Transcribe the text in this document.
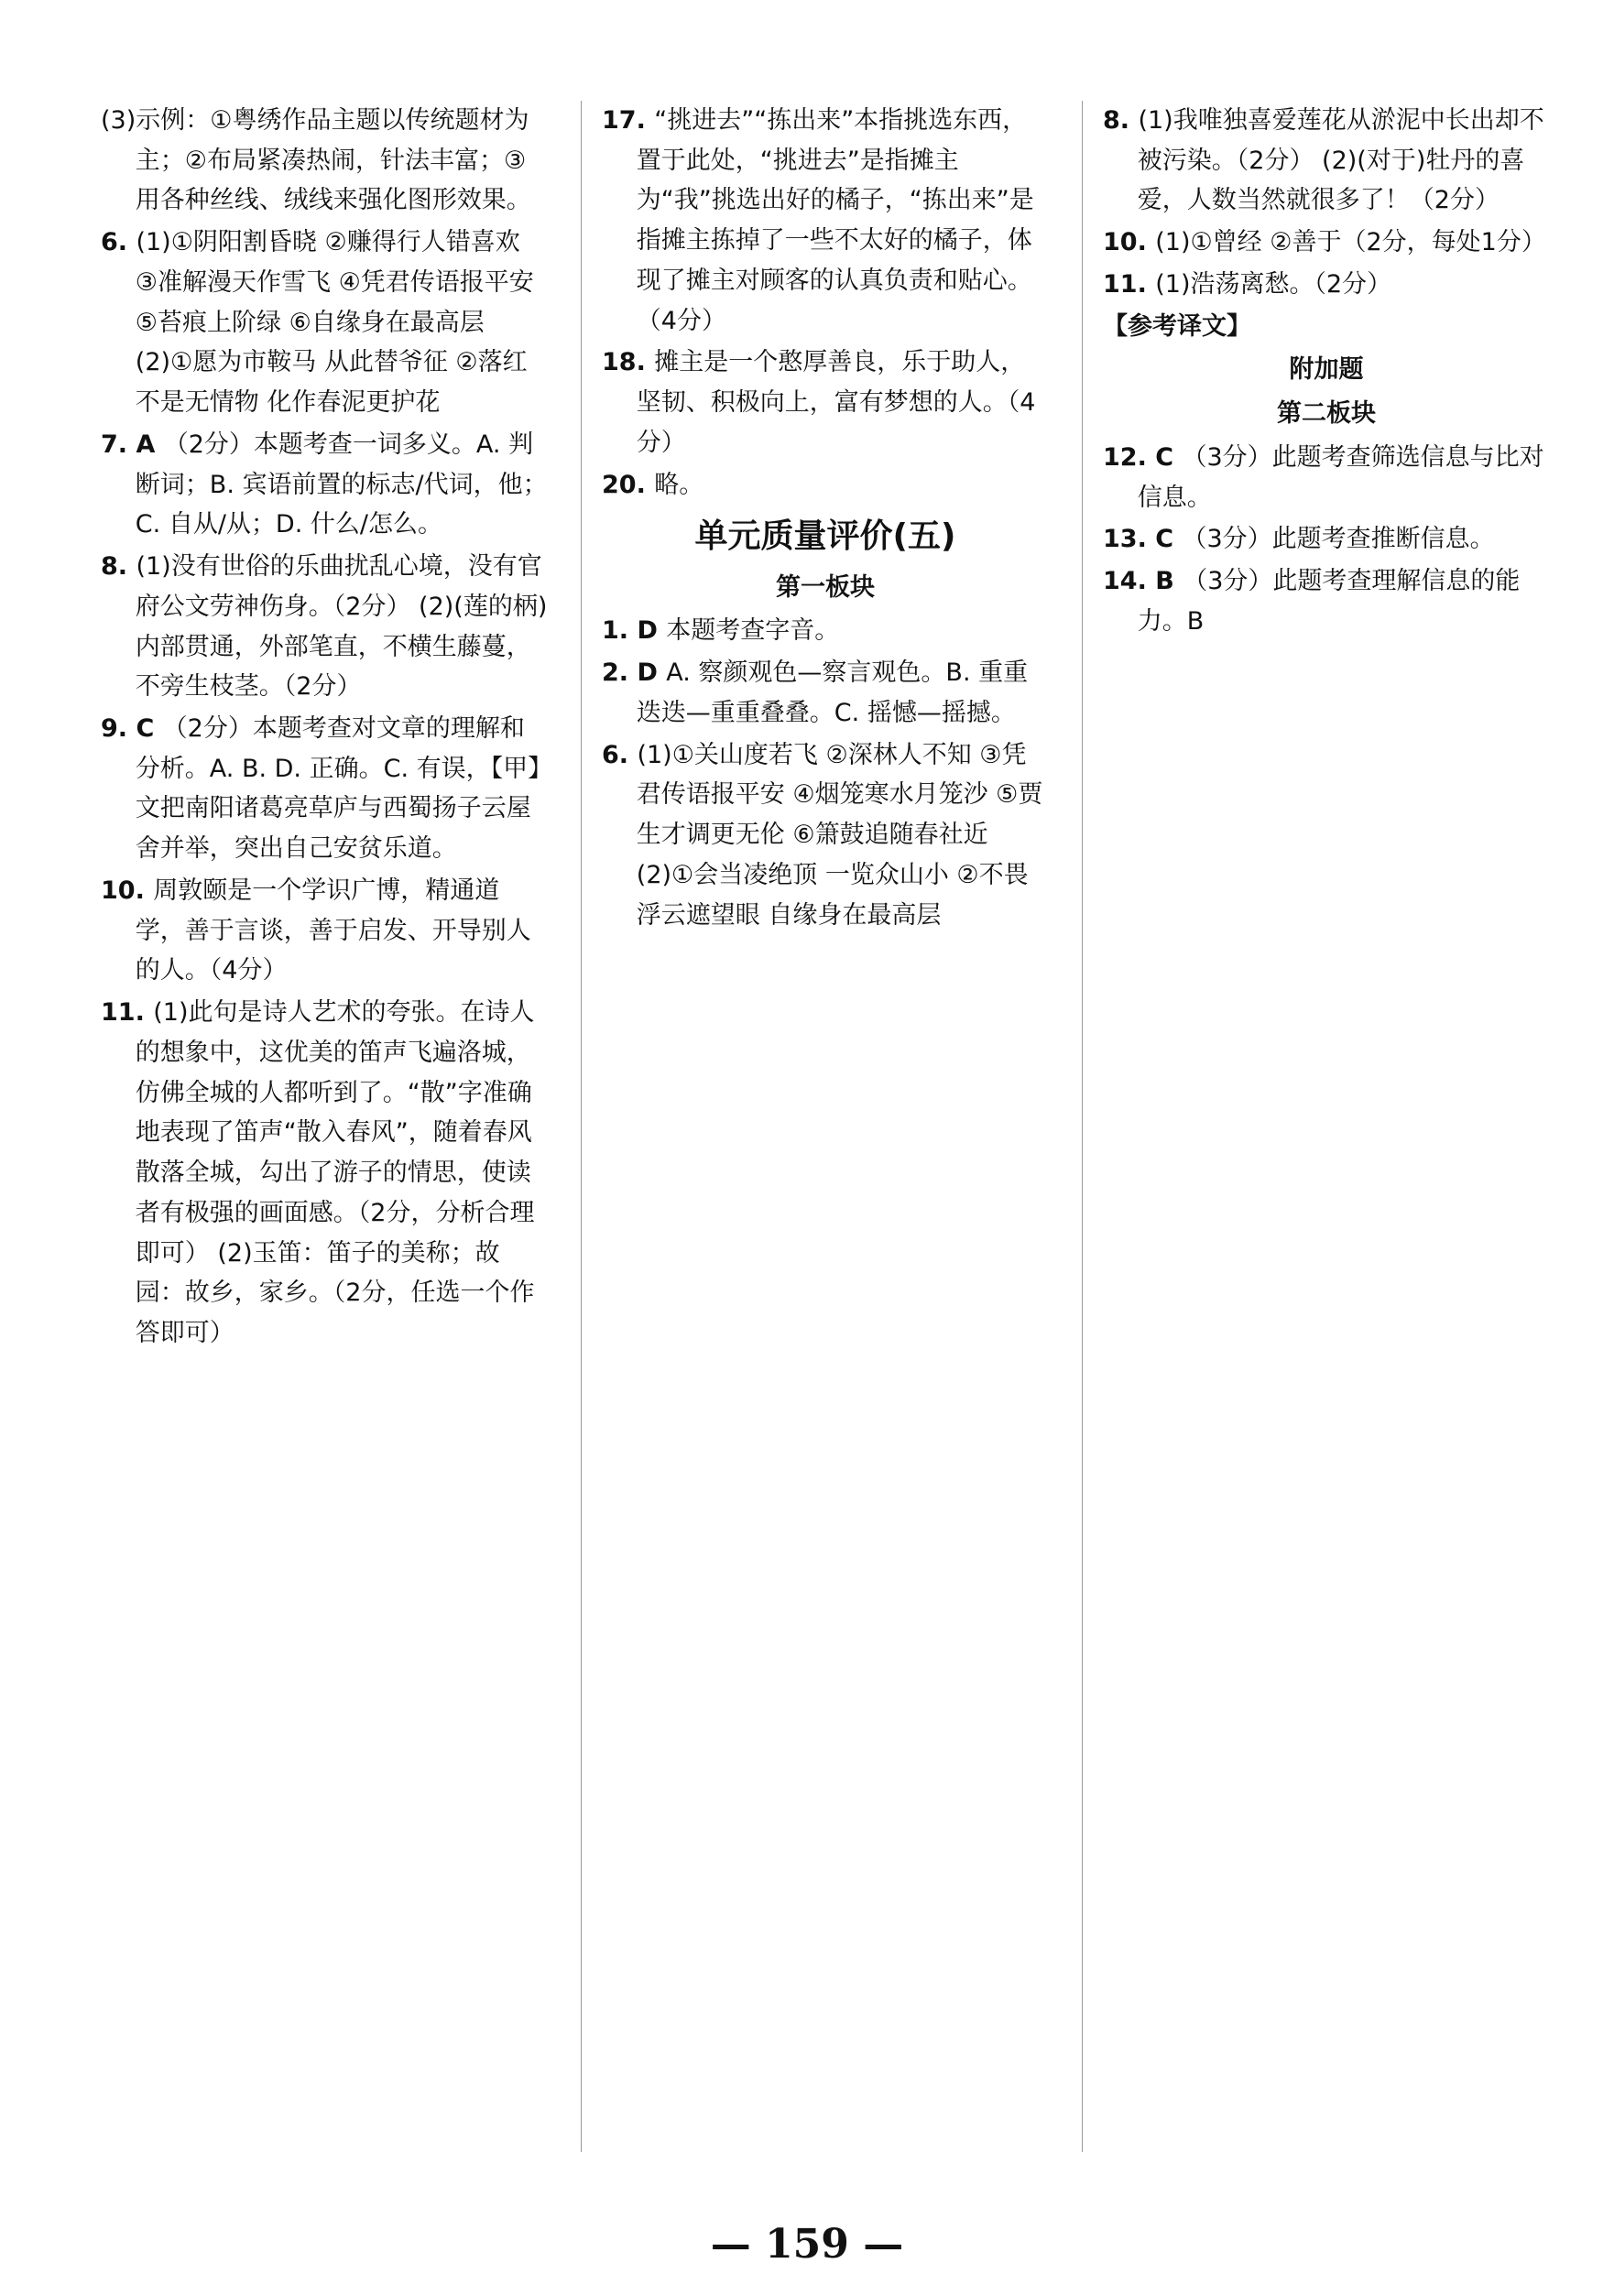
(3)示例：①粤绣作品主题以传统题材为主；②布局紧凑热闹，针法丰富；③用各种丝线、绒线来强化图形效果。
6. (1)①阴阳割昏晓 ②赚得行人错喜欢 ③准解漫天作雪飞 ④凭君传语报平安 ⑤苔痕上阶绿 ⑥自缘身在最高层 (2)①愿为市鞍马 从此替爷征 ②落红不是无情物 化作春泥更护花
7. A （2分）本题考查一词多义。A. 判断词；B. 宾语前置的标志/代词，他；C. 自从/从；D. 什么/怎么。
8. (1)没有世俗的乐曲扰乱心境，没有官府公文劳神伤身。（2分） (2)(莲的柄)内部贯通，外部笔直，不横生藤蔓，不旁生枝茎。（2分）
9. C （2分）本题考查对文章的理解和分析。A. B. D. 正确。C. 有误，【甲】文把南阳诸葛亮草庐与西蜀扬子云屋舍并举，突出自己安贫乐道。
10. 周敦颐是一个学识广博，精通道学，善于言谈，善于启发、开导别人的人。（4分）
11. (1)此句是诗人艺术的夸张。在诗人的想象中，这优美的笛声飞遍洛城，仿佛全城的人都听到了。“散”字准确地表现了笛声“散入春风”，随着春风散落全城，勾出了游子的情思，使读者有极强的画面感。（2分，分析合理即可） (2)玉笛：笛子的美称；故园：故乡，家乡。（2分，任选一个作答即可）
17. “挑进去”“拣出来”本指挑选东西，置于此处，“挑进去”是指摊主为“我”挑选出好的橘子，“拣出来”是指摊主拣掉了一些不太好的橘子，体现了摊主对顾客的认真负责和贴心。（4分）
18. 摊主是一个憨厚善良，乐于助人，坚韧、积极向上，富有梦想的人。（4分）
20. 略。
单元质量评价(五)
第一板块
1. D 本题考查字音。
2. D A. 察颜观色—察言观色。B. 重重迭迭—重重叠叠。C. 摇憾—摇撼。
6. (1)①关山度若飞 ②深林人不知 ③凭君传语报平安 ④烟笼寒水月笼沙 ⑤贾生才调更无伦 ⑥箫鼓追随春社近 (2)①会当凌绝顶 一览众山小 ②不畏浮云遮望眼 自缘身在最高层
8. (1)我唯独喜爱莲花从淤泥中长出却不被污染。（2分） (2)(对于)牡丹的喜爱，人数当然就很多了！（2分）
10. (1)①曾经 ②善于（2分，每处1分）
11. (1)浩荡离愁。（2分）
【参考译文】
附加题
第二板块
12. C （3分）此题考查筛选信息与比对信息。
13. C （3分）此题考查推断信息。
14. B （3分）此题考查理解信息的能力。B
— 159 —
